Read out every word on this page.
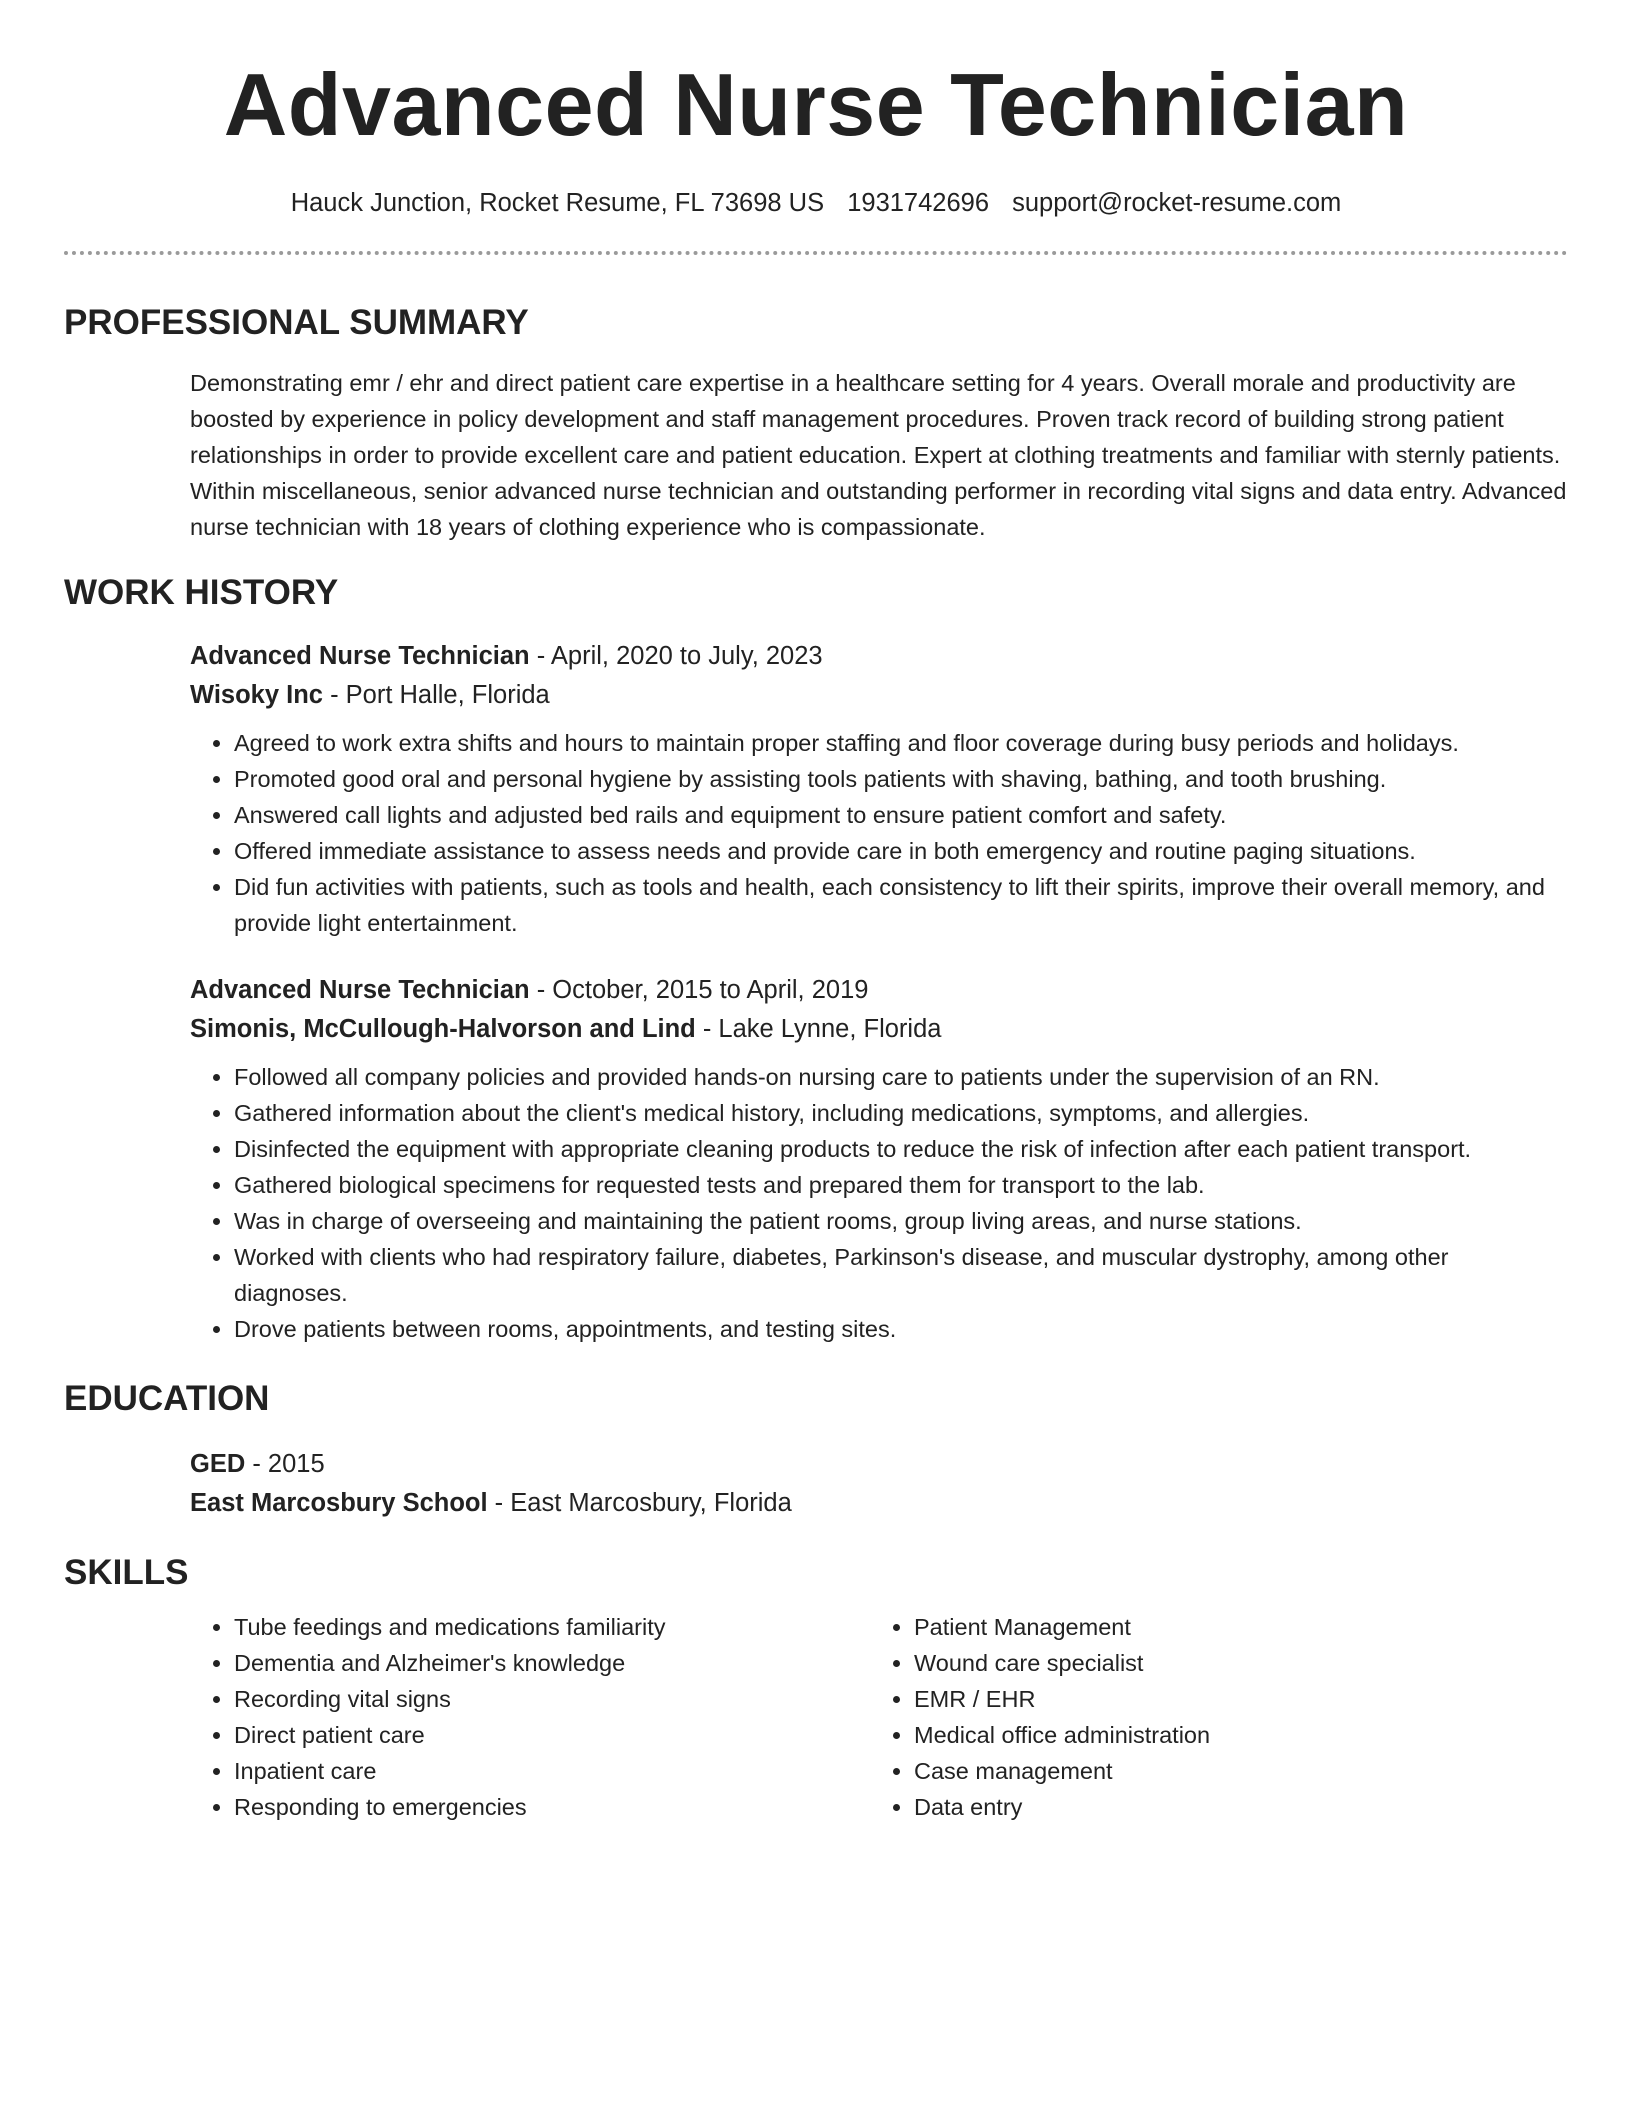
Advanced Nurse Technician
Hauck Junction, Rocket Resume, FL 73698 US 1931742696 support@rocket-resume.com
PROFESSIONAL SUMMARY
Demonstrating emr / ehr and direct patient care expertise in a healthcare setting for 4 years. Overall morale and productivity are boosted by experience in policy development and staff management procedures. Proven track record of building strong patient relationships in order to provide excellent care and patient education. Expert at clothing treatments and familiar with sternly patients. Within miscellaneous, senior advanced nurse technician and outstanding performer in recording vital signs and data entry. Advanced nurse technician with 18 years of clothing experience who is compassionate.
WORK HISTORY
Advanced Nurse Technician - April, 2020 to July, 2023
Wisoky Inc - Port Halle, Florida
• Agreed to work extra shifts and hours to maintain proper staffing and floor coverage during busy periods and holidays.
• Promoted good oral and personal hygiene by assisting tools patients with shaving, bathing, and tooth brushing.
• Answered call lights and adjusted bed rails and equipment to ensure patient comfort and safety.
• Offered immediate assistance to assess needs and provide care in both emergency and routine paging situations.
• Did fun activities with patients, such as tools and health, each consistency to lift their spirits, improve their overall memory, and provide light entertainment.
Advanced Nurse Technician - October, 2015 to April, 2019
Simonis, McCullough-Halvorson and Lind - Lake Lynne, Florida
• Followed all company policies and provided hands-on nursing care to patients under the supervision of an RN.
• Gathered information about the client's medical history, including medications, symptoms, and allergies.
• Disinfected the equipment with appropriate cleaning products to reduce the risk of infection after each patient transport.
• Gathered biological specimens for requested tests and prepared them for transport to the lab.
• Was in charge of overseeing and maintaining the patient rooms, group living areas, and nurse stations.
• Worked with clients who had respiratory failure, diabetes, Parkinson's disease, and muscular dystrophy, among other diagnoses.
• Drove patients between rooms, appointments, and testing sites.
EDUCATION
GED - 2015
East Marcosbury School - East Marcosbury, Florida
SKILLS
• Tube feedings and medications familiarity
• Dementia and Alzheimer's knowledge
• Recording vital signs
• Direct patient care
• Inpatient care
• Responding to emergencies
• Patient Management
• Wound care specialist
• EMR / EHR
• Medical office administration
• Case management
• Data entry
